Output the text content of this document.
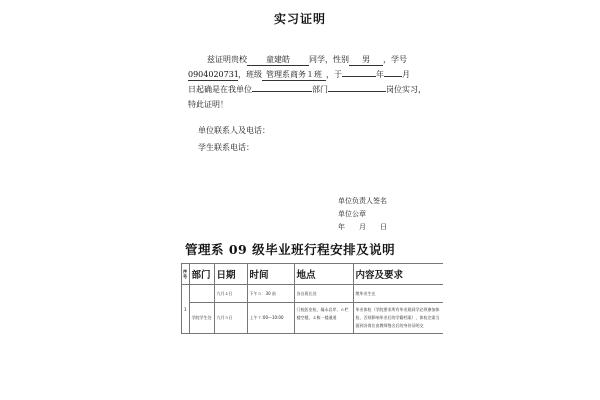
实习证明
兹证明贵校 童建皓 同学，性别 男 ，学号
0904020731，班级 管理系商务１班 ，于	年 月
日起确是在我单位	部门	岗位实习，
特此证明！
单位联系人及电话：
学生联系电话：
单位负责人签名
单位公章
年 月 日
管理系 09 级毕业班行程安排及说明
序号	部门	日期	时间	地点	内容及要求
1		九月４日	下午５：30 前	各自班长处	缴毕业生在
	学院学生处	九月５日	上午７:00—10:00	门校医室检，凝永岩岸、６栏楼空楼，４栋一楼通道	毕业体检（学院要求所有毕业班同学必须参加体检，否则影响毕业后的学籍档案），体检完需当面到各岗位由教师签名后的身份证明交
